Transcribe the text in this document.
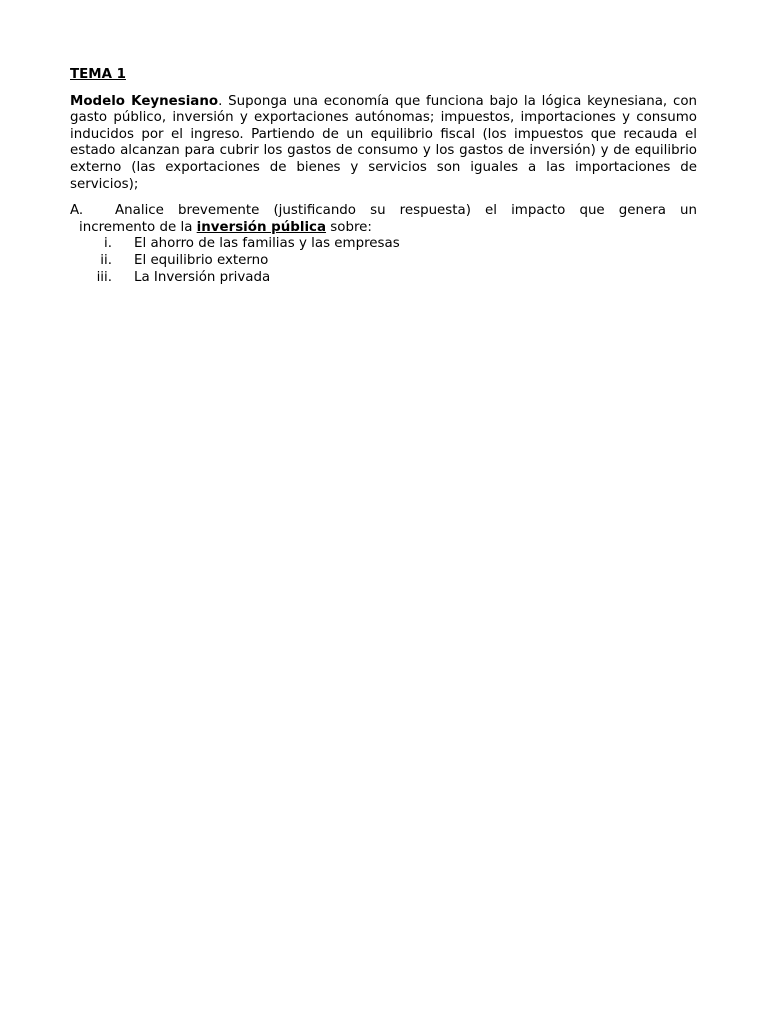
TEMA 1

Modelo Keynesiano. Suponga una economía que funciona bajo la lógica keynesiana, con gasto público, inversión y exportaciones autónomas; impuestos, importaciones y consumo inducidos por el ingreso. Partiendo de un equilibrio fiscal (los impuestos que recauda el estado alcanzan para cubrir los gastos de consumo y los gastos de inversión) y de equilibrio externo (las exportaciones de bienes y servicios son iguales a las importaciones de servicios);

A.	Analice brevemente (justificando su respuesta) el impacto que genera un
incremento de la inversión pública sobre:
i.	El ahorro de las familias y las empresas
ii.	El equilibrio externo
iii.	La Inversión privada
